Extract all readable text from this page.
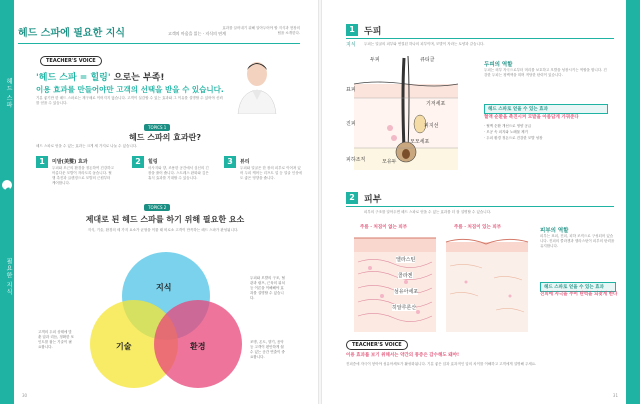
헤드 스파
필요한 지식
헤드 스파에 필요한 지식	고객의 마음을 읽는 · 지식의 연계
효과를 끌어내기 위해 알아두어야 할 지식과 현장의 팁을 소개한다.
TEACHER'S VOICE
'헤드 스파 = 힐링' 으로는 부족!
이용 효과를 만들어야만 고객의 선택을 받을 수 있습니다.
기분 좋기만 한 헤드 스파로는 재구매로 이어지지 않습니다. 고객이 실감할 수 있는 효과와 그 이유를 설명할 수 있어야 신뢰를 얻을 수 있습니다.
TOPICS 1
헤드 스파의 효과란?
헤드 스파로 얻을 수 있는 효과는 크게 세 가지로 나눌 수 있습니다.
1	미발(美髮) 효과
두피와 모근의 환경을 정돈하여 건강하고 아름다운 모발이 자라도록 돕습니다. 혈행 촉진과 클렌징으로 모발의 근원부터 케어합니다.
2	힐링
마사지와 향, 조용한 공간에서 심신의 긴장을 풀어 줍니다. 스트레스 완화와 깊은 휴식 효과를 기대할 수 있습니다.
3	뷰티
두피와 얼굴은 한 장의 피부로 이어져 있어 두피 케어는 리프트 업 등 얼굴 인상에도 좋은 영향을 줍니다.
TOPICS 2
제대로 된 헤드 스파를 하기 위해 필요한 요소
지식, 기술, 환경의 세 가지 요소가 균형을 이룰 때 비로소 고객이 만족하는 헤드 스파가 완성됩니다.
지식
기술	환경
두피와 모발의 구조, 혈관과 림프, 근육의 위치 등 이론을 이해해야 효과를 설명할 수 있습니다.
고객의 두피 상태에 맞춘 압과 리듬, 정확한 포인트를 잡는 기술이 필요합니다.
조명, 온도, 향기, 음악 등 고객이 편안하게 쉴 수 있는 공간 연출이 중요합니다.
30
1	두피
지식 두피는 얼굴의 피부와 연결된 하나의 피부이며, 모발이 자라는 토양과 같습니다.
두피	큐티클
피지선
모모세포
모유두
진피
표피
기저세포
피하조직
두피의 역할
두피는 외부 자극으로부터 머리를 보호하고 모발을 성장시키는 역할을 합니다. 건강한 두피는 청백색을 띠며 적당한 탄력이 있습니다.
헤드 스파로 얻을 수 있는 효과
혈액 순환을 촉진시켜 모발을 아름답게 가꿔준다
· 혈액 순환 개선으로 영양 공급
· 모공 속 피지와 노폐물 제거
· 두피 환경 정돈으로 건강한 모발 성장
2	피부
피부의 구조를 알아두면 헤드 스파로 얻을 수 있는 효과를 더 잘 설명할 수 있습니다.
주름 · 처짐이 없는 피부	주름 · 처짐이 있는 피부
엘라스틴
콜라겐
섬유아세포
히알루론산
피부의 역할
피부는 표피, 진피, 피하 조직으로 구성되어 있습니다. 진피의 콜라겐과 엘라스틴이 피부의 탄력을 유지합니다.
헤드 스파로 얻을 수 있는 효과
진피에 자극을 주어 탄력을 되찾게 한다
TEACHER'S VOICE
이용 효과를 보기 위해서는 약간의 통증은 감수해도 돼야!
진피층에 자극이 닿아야 섬유아세포가 활성화됩니다. 기분 좋은 압과 효과적인 압의 차이를 이해하고 고객에게 설명해 주세요.
31
